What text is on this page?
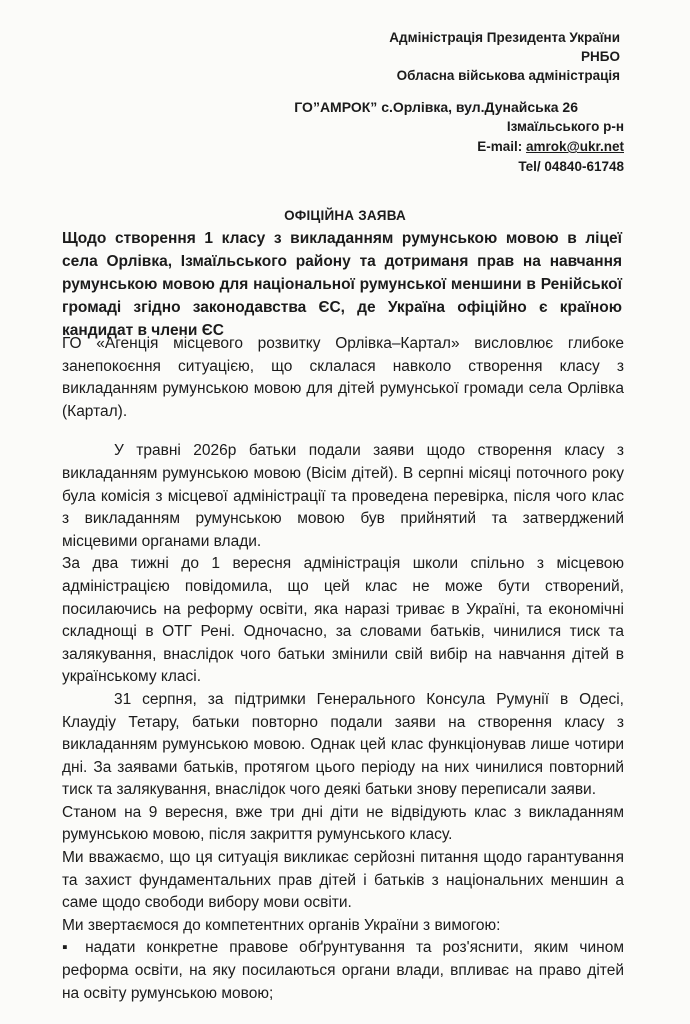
Адміністрація Президента України
РНБО
Обласна військова адміністрація
ГО”АМРОК” с.Орлівка, вул.Дунайська 26
Ізмаїльського р-н
E-mail: amrok@ukr.net
Tel/ 04840-61748
ОФІЦІЙНА ЗАЯВА
Щодо створення 1 класу з викладанням румунською мовою в ліцеї села Орлівка, Ізмаїльського району та дотриманя прав на навчання румунською мовою для національної румунської меншини в Ренійської громаді згідно законодавства ЄС, де Україна офіційно є країною кандидат в члени ЄС

ГО «Агенція місцевого розвитку Орлівка–Картал» висловлює глибоке занепокоєння ситуацією, що склалася навколо створення класу з викладанням румунською мовою для дітей румунської громади села Орлівка (Картал).

У травні 2026р батьки подали заяви щодо створення класу з викладанням румунською мовою (Вісім дітей). В серпні місяці поточного року була комісія з місцевої адміністрації та проведена перевірка, після чого клас з викладанням румунською мовою був прийнятий та затверджений місцевими органами влади.

За два тижні до 1 вересня адміністрація школи спільно з місцевою адміністрацією повідомила, що цей клас не може бути створений, посилаючись на реформу освіти, яка наразі триває в Україні, та економічні складнощі в ОТГ Рені. Одночасно, за словами батьків, чинилися тиск та залякування, внаслідок чого батьки змінили свій вибір на навчання дітей в українському класі.

31 серпня, за підтримки Генерального Консула Румунії в Одесі, Клаудіу Тетару, батьки повторно подали заяви на створення класу з викладанням румунською мовою. Однак цей клас функціонував лише чотири дні. За заявами батьків, протягом цього періоду на них чинилися повторний тиск та залякування, внаслідок чого деякі батьки знову переписали заяви.

Станом на 9 вересня, вже три дні діти не відвідують клас з викладанням румунською мовою, після закриття румунського класу.

Ми вважаємо, що ця ситуація викликає серйозні питання щодо гарантування та захист фундаментальних прав дітей і батьків з національних меншин а саме щодо свободи вибору мови освіти.

Ми звертаємося до компетентних органів України з вимогою:

▪ надати конкретне правове обґрунтування та роз'яснити, яким чином реформа освіти, на яку посилаються органи влади, впливає на право дітей на освіту румунською мовою;
